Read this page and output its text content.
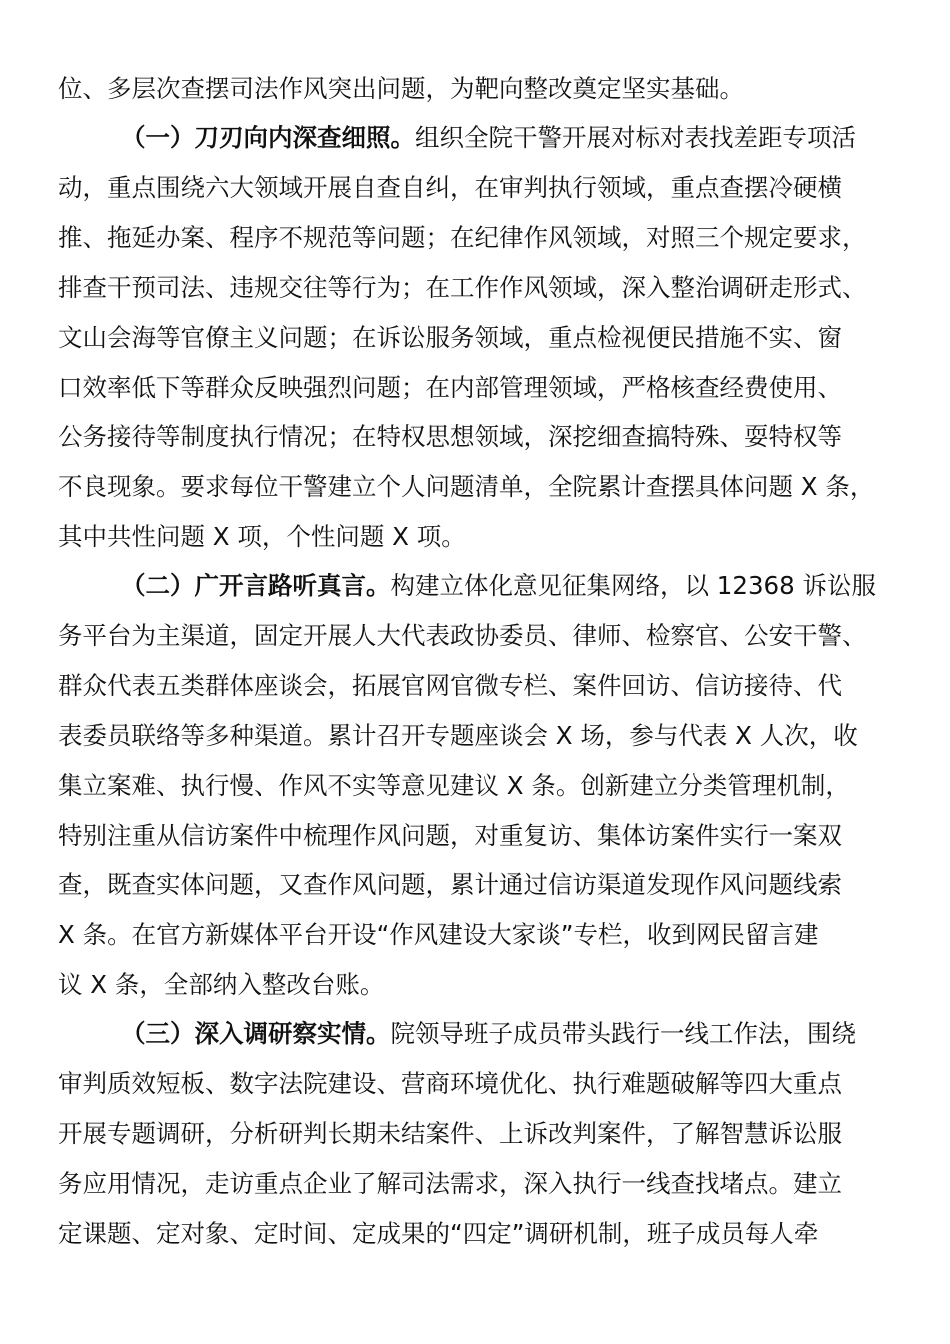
位、多层次查摆司法作风突出问题，为靶向整改奠定坚实基础。
（一）刀刃向内深查细照。组织全院干警开展对标对表找差距专项活
动，重点围绕六大领域开展自查自纠，在审判执行领域，重点查摆冷硬横
推、拖延办案、程序不规范等问题；在纪律作风领域，对照三个规定要求，
排查干预司法、违规交往等行为；在工作作风领域，深入整治调研走形式、
文山会海等官僚主义问题；在诉讼服务领域，重点检视便民措施不实、窗
口效率低下等群众反映强烈问题；在内部管理领域，严格核查经费使用、
公务接待等制度执行情况；在特权思想领域，深挖细查搞特殊、耍特权等
不良现象。要求每位干警建立个人问题清单，全院累计查摆具体问题 X 条，
其中共性问题 X 项，个性问题 X 项。
（二）广开言路听真言。构建立体化意见征集网络，以 12368 诉讼服
务平台为主渠道，固定开展人大代表政协委员、律师、检察官、公安干警、
群众代表五类群体座谈会，拓展官网官微专栏、案件回访、信访接待、代
表委员联络等多种渠道。累计召开专题座谈会 X 场，参与代表 X 人次，收
集立案难、执行慢、作风不实等意见建议 X 条。创新建立分类管理机制，
特别注重从信访案件中梳理作风问题，对重复访、集体访案件实行一案双
查，既查实体问题，又查作风问题，累计通过信访渠道发现作风问题线索
X 条。在官方新媒体平台开设“作风建设大家谈”专栏，收到网民留言建
议 X 条，全部纳入整改台账。
（三）深入调研察实情。院领导班子成员带头践行一线工作法，围绕
审判质效短板、数字法院建设、营商环境优化、执行难题破解等四大重点
开展专题调研，分析研判长期未结案件、上诉改判案件，了解智慧诉讼服
务应用情况，走访重点企业了解司法需求，深入执行一线查找堵点。建立
定课题、定对象、定时间、定成果的“四定”调研机制，班子成员每人牵
